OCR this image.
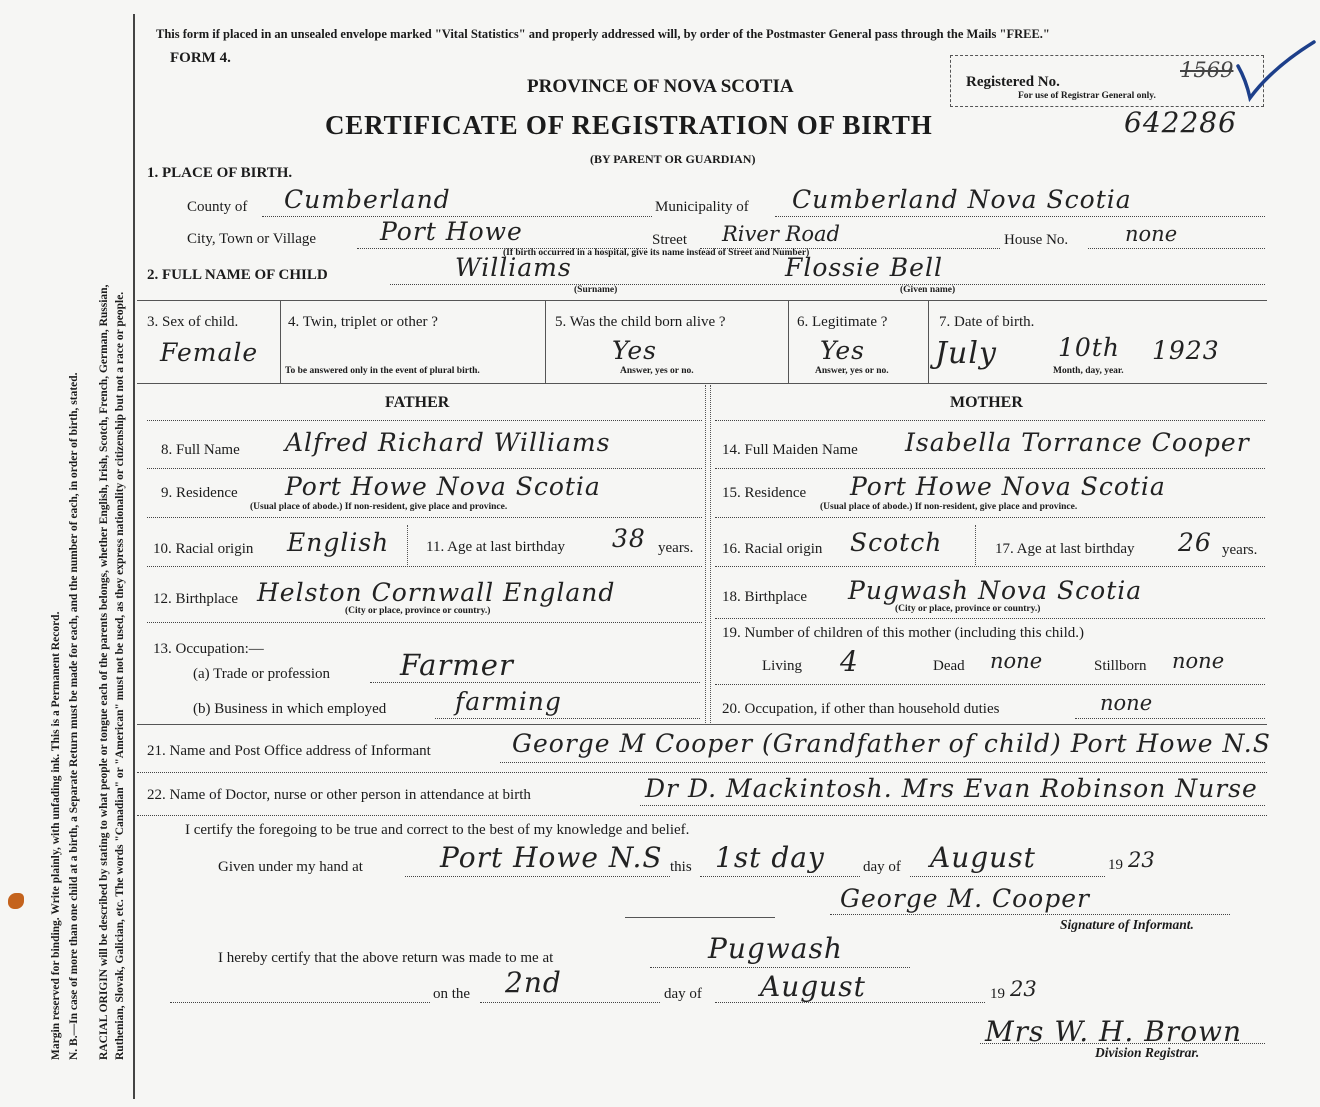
Margin reserved for binding. Write plainly, with unfading ink. This is a Permanent Record. N. B.—In case of more than one child at a birth, a Separate Return must be made for each, and the number of each, in order of birth, stated. RACIAL ORIGIN will be described by stating to what people or tongue each of the parents belongs, whether English, Irish, Scotch, French, German, Russian, Ruthenian, Slovak, Galician, etc. The words "Canadian" or "American" must not be used, as they express nationality or citizenship but not a race or people.
This form if placed in an unsealed envelope marked "Vital Statistics" and properly addressed will, by order of the Postmaster General pass through the Mails "FREE."
FORM 4.
PROVINCE OF NOVA SCOTIA
CERTIFICATE OF REGISTRATION OF BIRTH
(BY PARENT OR GUARDIAN)
Registered No.	1569
For use of Registrar General only.
642286
1. PLACE OF BIRTH.
County of Cumberland	Municipality of Cumberland Nova Scotia
City, Town or Village	Port Howe	Street River Road	House No.	none
(If birth occurred in a hospital, give its name instead of Street and Number)
2. FULL NAME OF CHILD	Williams	Flossie Bell
(Surname)	(Given name)
3. Sex of child.
Female
4. Twin, triplet or other ?
To be answered only in the event of plural birth.
5. Was the child born alive ?
Yes
Answer, yes or no.
6. Legitimate ?
Yes
Answer, yes or no.
7. Date of birth.
July 10th 1923
Month, day, year.
FATHER	MOTHER
8. Full Name Alfred Richard Williams
9. Residence Port Howe Nova Scotia
(Usual place of abode.) If non-resident, give place and province.
10. Racial origin English 11. Age at last birthday 38 years.
12. Birthplace Helston Cornwall England
(City or place, province or country.)
13. Occupation:—
(a) Trade or profession Farmer
(b) Business in which employed	farming
14. Full Maiden Name Isabella Torrance Cooper
15. Residence Port Howe Nova Scotia
(Usual place of abode.) If non-resident, give place and province.
16. Racial origin Scotch	17. Age at last birthday 26 years.
18. Birthplace Pugwash Nova Scotia
(City or place, province or country.)
19. Number of children of this mother (including this child.)
Living 4	Dead none	Stillborn none
20. Occupation, if other than household duties	none
21. Name and Post Office address of Informant	George M Cooper (Grandfather of child) Port Howe N.S
22. Name of Doctor, nurse or other person in attendance at birth	Dr D. Mackintosh. Mrs Evan Robinson Nurse
I certify the foregoing to be true and correct to the best of my knowledge and belief.
Given under my hand at	Port Howe N.S this 1st day	day of August	19 23
George M. Cooper
Signature of Informant.
I hereby certify that the above return was made to me at	Pugwash
on the 2nd	day of August	19 23
Mrs W. H. Brown
Division Registrar.
